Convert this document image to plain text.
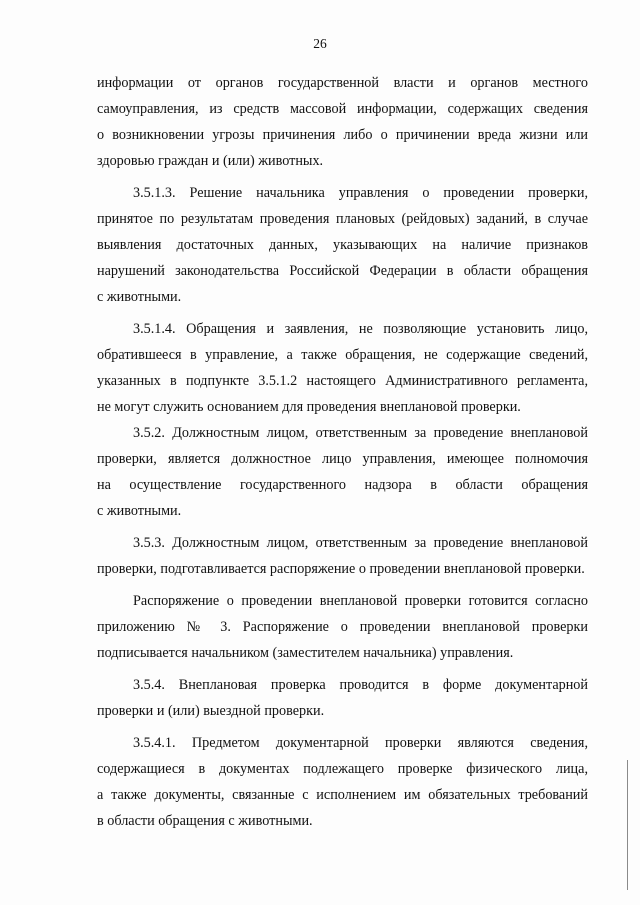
26
информации от органов государственной власти и органов местного
самоуправления, из средств массовой информации, содержащих сведения
о возникновении угрозы причинения либо о причинении вреда жизни или
здоровью граждан и (или) животных.
3.5.1.3. Решение начальника управления о проведении проверки,
принятое по результатам проведения плановых (рейдовых) заданий, в случае
выявления достаточных данных, указывающих на наличие признаков
нарушений законодательства Российской Федерации в области обращения
с животными.
3.5.1.4. Обращения и заявления, не позволяющие установить лицо,
обратившееся в управление, а также обращения, не содержащие сведений,
указанных в подпункте 3.5.1.2 настоящего Административного регламента,
не могут служить основанием для проведения внеплановой проверки.
3.5.2. Должностным лицом, ответственным за проведение внеплановой
проверки, является должностное лицо управления, имеющее полномочия
на осуществление государственного надзора в области обращения
с животными.
3.5.3. Должностным лицом, ответственным за проведение внеплановой
проверки, подготавливается распоряжение о проведении внеплановой проверки.
Распоряжение о проведении внеплановой проверки готовится согласно
приложению № 3. Распоряжение о проведении внеплановой проверки
подписывается начальником (заместителем начальника) управления.
3.5.4. Внеплановая проверка проводится в форме документарной
проверки и (или) выездной проверки.
3.5.4.1. Предметом документарной проверки являются сведения,
содержащиеся в документах подлежащего проверке физического лица,
а также документы, связанные с исполнением им обязательных требований
в области обращения с животными.
